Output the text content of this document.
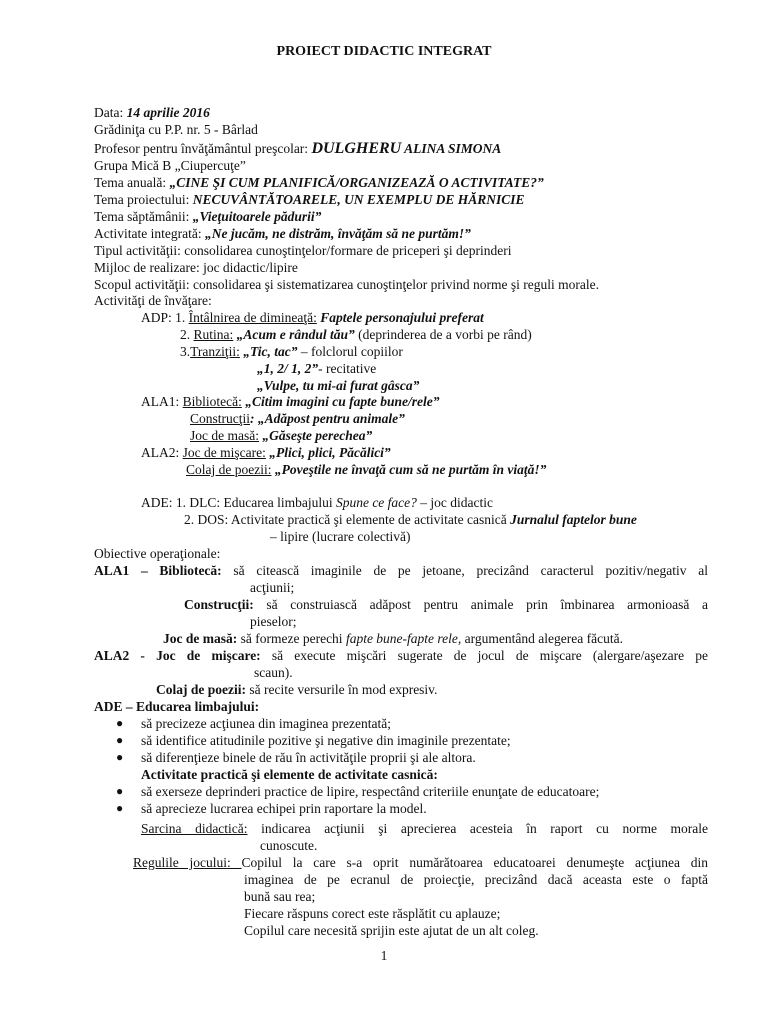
PROIECT DIDACTIC INTEGRAT
Data: 14 aprilie 2016
Grădiniţa cu P.P. nr. 5 - Bârlad
Profesor pentru învăţământul preşcolar: DULGHERU ALINA SIMONA
Grupa Mică B „Ciupercuţe”
Tema anuală: „CINE ŞI CUM PLANIFICĂ/ORGANIZEAZĂ O ACTIVITATE?”
Tema proiectului: NECUVÂNTĂTOARELE, UN EXEMPLU DE HĂRNICIE
Tema săptămânii: „Vieţuitoarele pădurii”
Activitate integrată: „Ne jucăm, ne distrăm, învăţăm să ne purtăm!”
Tipul activităţii: consolidarea cunoştinţelor/formare de priceperi şi deprinderi
Mijloc de realizare: joc didactic/lipire
Scopul activităţii: consolidarea şi sistematizarea cunoştinţelor privind norme şi reguli morale.
Activităţi de învăţare:
ADP: 1. Întâlnirea de dimineaţă: Faptele personajului preferat
2. Rutina: „Acum e rândul tău” (deprinderea de a vorbi pe rând)
3.Tranziţii: „Tic, tac” – folclorul copiilor
„1, 2/ 1, 2”- recitative
„Vulpe, tu mi-ai furat gâsca”
ALA1: Bibliotecă: „Citim imagini cu fapte bune/rele”
Construcţii: „Adăpost pentru animale”
Joc de masă: „Găseşte perechea”
ALA2: Joc de mişcare: „Plici, plici, Păcălici”
Colaj de poezii: „Poveştile ne învaţă cum să ne purtăm în viaţă!”
ADE: 1. DLC: Educarea limbajului Spune ce face? – joc didactic
2. DOS: Activitate practică şi elemente de activitate casnică Jurnalul faptelor bune
– lipire (lucrare colectivă)
Obiective operaţionale:
ALA1 – Bibliotecă: să citească imaginile de pe jetoane, precizând caracterul pozitiv/negativ al
acţiunii;
Construcţii: să construiască adăpost pentru animale prin îmbinarea armonioasă a
pieselor;
Joc de masă: să formeze perechi fapte bune-fapte rele, argumentând alegerea făcută.
ALA2 - Joc de mişcare: să execute mişcări sugerate de jocul de mişcare (alergare/aşezare pe
scaun).
Colaj de poezii: să recite versurile în mod expresiv.
ADE – Educarea limbajului:
● să precizeze acţiunea din imaginea prezentată;
● să identifice atitudinile pozitive şi negative din imaginile prezentate;
● să diferenţieze binele de rău în activităţile proprii şi ale altora.
Activitate practică şi elemente de activitate casnică:
● să exerseze deprinderi practice de lipire, respectând criteriile enunţate de educatoare;
● să aprecieze lucrarea echipei prin raportare la model.
Sarcina didactică: indicarea acţiunii şi aprecierea acesteia în raport cu norme morale
cunoscute.
Regulile jocului: Copilul la care s-a oprit numărătoarea educatoarei denumeşte acţiunea din
imaginea de pe ecranul de proiecţie, precizând dacă aceasta este o faptă
bună sau rea;
Fiecare răspuns corect este răsplătit cu aplauze;
Copilul care necesită sprijin este ajutat de un alt coleg.
1
